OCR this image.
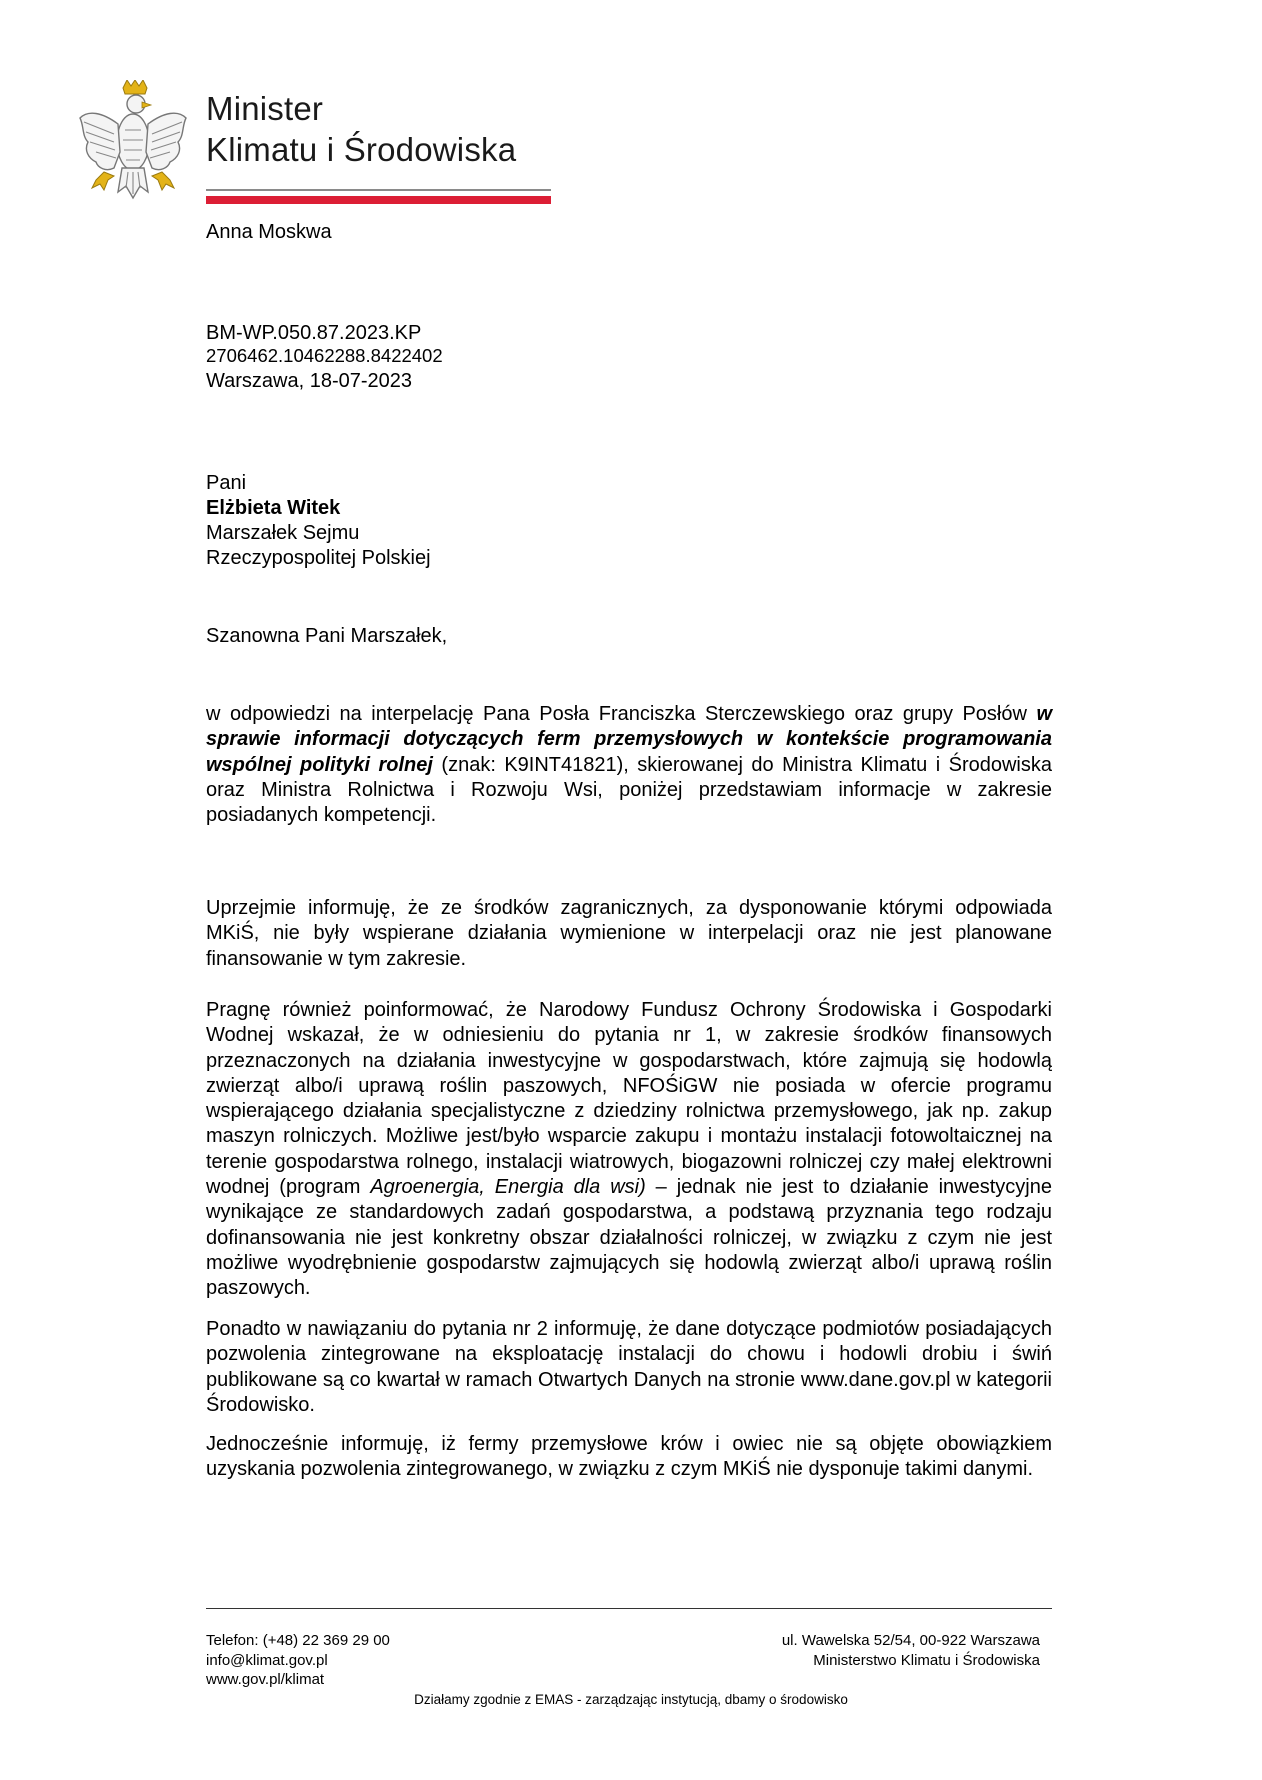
Minister
Klimatu i Środowiska
Anna Moskwa
BM-WP.050.87.2023.KP
2706462.10462288.8422402
Warszawa, 18-07-2023
Pani
Elżbieta Witek
Marszałek Sejmu
Rzeczypospolitej Polskiej
Szanowna Pani Marszałek,
w odpowiedzi na interpelację Pana Posła Franciszka Sterczewskiego oraz grupy Posłów w sprawie informacji dotyczących ferm przemysłowych w kontekście programowania wspólnej polityki rolnej (znak: K9INT41821), skierowanej do Ministra Klimatu i Środowiska oraz Ministra Rolnictwa i Rozwoju Wsi, poniżej przedstawiam informacje w zakresie posiadanych kompetencji.
Uprzejmie informuję, że ze środków zagranicznych, za dysponowanie którymi odpowiada MKiŚ, nie były wspierane działania wymienione w interpelacji oraz nie jest planowane finansowanie w tym zakresie.
Pragnę również poinformować, że Narodowy Fundusz Ochrony Środowiska i Gospodarki Wodnej wskazał, że w odniesieniu do pytania nr 1, w zakresie środków finansowych przeznaczonych na działania inwestycyjne w gospodarstwach, które zajmują się hodowlą zwierząt albo/i uprawą roślin paszowych, NFOŚiGW nie posiada w ofercie programu wspierającego działania specjalistyczne z dziedziny rolnictwa przemysłowego, jak np. zakup maszyn rolniczych. Możliwe jest/było wsparcie zakupu i montażu instalacji fotowoltaicznej na terenie gospodarstwa rolnego, instalacji wiatrowych, biogazowni rolniczej czy małej elektrowni wodnej (program Agroenergia, Energia dla wsi) – jednak nie jest to działanie inwestycyjne wynikające ze standardowych zadań gospodarstwa, a podstawą przyznania tego rodzaju dofinansowania nie jest konkretny obszar działalności rolniczej, w związku z czym nie jest możliwe wyodrębnienie gospodarstw zajmujących się hodowlą zwierząt albo/i uprawą roślin paszowych.
Ponadto w nawiązaniu do pytania nr 2 informuję, że dane dotyczące podmiotów posiadających pozwolenia zintegrowane na eksploatację instalacji do chowu i hodowli drobiu i świń publikowane są co kwartał w ramach Otwartych Danych na stronie www.dane.gov.pl w kategorii Środowisko.
Jednocześnie informuję, iż fermy przemysłowe krów i owiec nie są objęte obowiązkiem uzyskania pozwolenia zintegrowanego, w związku z czym MKiŚ nie dysponuje takimi danymi.
Telefon: (+48) 22 369 29 00
info@klimat.gov.pl
www.gov.pl/klimat
ul. Wawelska 52/54, 00-922 Warszawa
Ministerstwo Klimatu i Środowiska
Działamy zgodnie z EMAS - zarządzając instytucją, dbamy o środowisko
